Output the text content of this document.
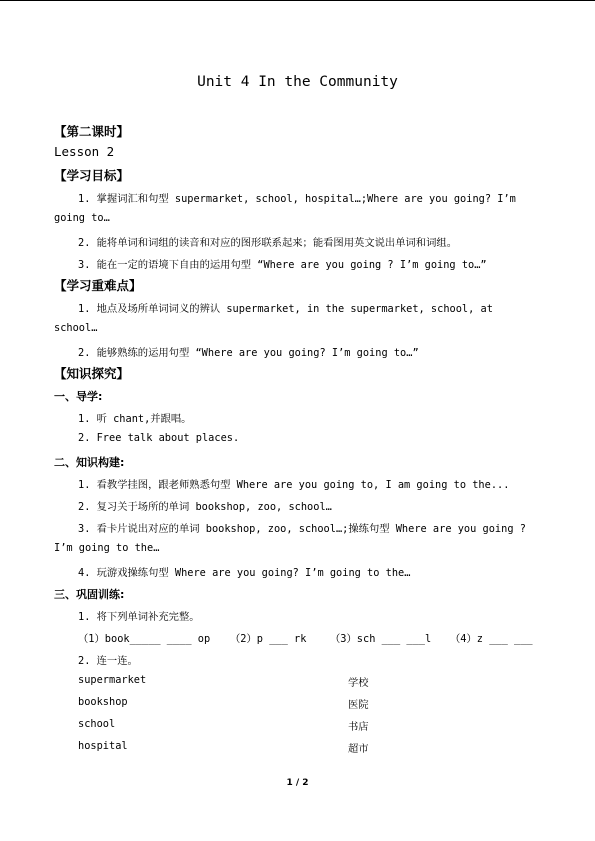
Unit 4 In the Community
【第二课时】
Lesson 2
【学习目标】
1. 掌握词汇和句型 supermarket, school, hospital…;Where are you going? I’m
going to…
2. 能将单词和词组的读音和对应的图形联系起来；能看图用英文说出单词和词组。
3. 能在一定的语境下自由的运用句型 “Where are you going ? I’m going to…”
【学习重难点】
1. 地点及场所单词词义的辨认 supermarket, in the supermarket, school, at
school…
2. 能够熟练的运用句型 “Where are you going? I’m going to…”
【知识探究】
一、导学:
1. 听 chant,并跟唱。
2. Free talk about places.
二、知识构建:
1. 看教学挂图，跟老师熟悉句型 Where are you going to, I am going to the...
2. 复习关于场所的单词 bookshop, zoo, school…
3. 看卡片说出对应的单词 bookshop, zoo, school…;操练句型 Where are you going ?
I’m going to the…
4. 玩游戏操练句型 Where are you going? I’m going to the…
三、巩固训练:
1. 将下列单词补充完整。
（1）book_____ ____ op （2）p ___ rk （3）sch ___ ___l （4）z ___ ___
2. 连一连。
supermarket
bookshop
school
hospital
学校
医院
书店
超市
1 / 2
